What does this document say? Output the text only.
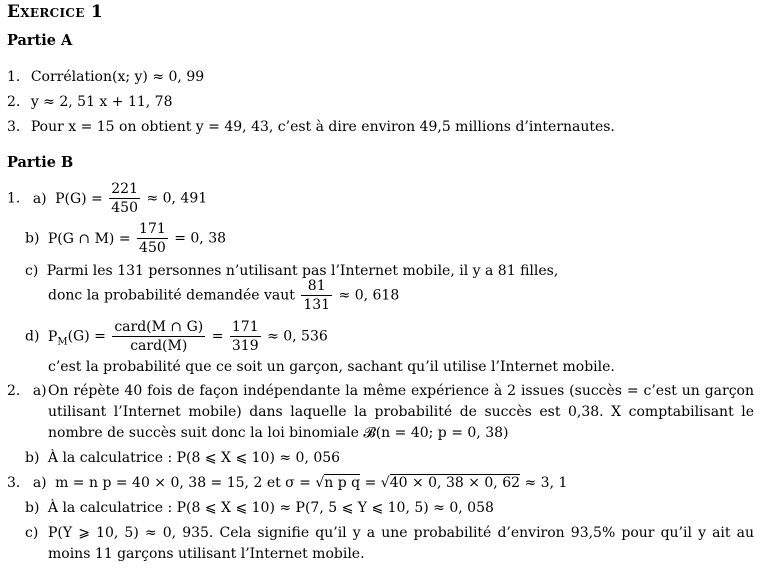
Exercice 1
Partie A
1. Corrélation(x; y) ≈ 0, 99
2. y ≈ 2, 51 x + 11, 78
3. Pour x = 15 on obtient y = 49, 43, c’est à dire environ 49,5 millions d’internautes.
Partie B
1. a) $P(G) = \frac{221}{450} \approx 0$, 491
b) P(G ∩ $M) = \frac{171}{450} = 0$, 38
c) Parmi les 131 personnes n’utilisant pas l’Internet mobile, il y a 81 filles,
donc la probabilité demandée vaut $\frac{81}{131} \approx 0$, 618
d) $P_M(G) = \frac{\text{card(M ∩ G)}}{\text{card(M)}} = \frac{171}{319} \approx 0$, 536
c’est la probabilité que ce soit un garçon, sachant qu’il utilise l’Internet mobile.
2. a) On répète 40 fois de façon indépendante la même expérience à 2 issues (succès = c’est un garçon utilisant l’Internet mobile) dans laquelle la probabilité de succès est 0,38. X comptabilisant le nombre de succès suit donc la loi binomiale 𝓑(n = 40; p = 0, 38)
b) À la calculatrice : P(8 ⩽ X ⩽ 10) ≈ 0, 056
3. a) m = n p = 40 × 0, 38 = 15, 2 et σ = √n p q = √40 × 0, 38 × 0, 62 ≈ 3, 1
b) À la calculatrice : P(8 ⩽ X ⩽ 10) ≈ P(7, 5 ⩽ Y ⩽ 10, 5) ≈ 0, 058
c) P(Y ⩾ 10, 5) ≈ 0, 935. Cela signifie qu’il y a une probabilité d’environ 93,5% pour qu’il y ait au moins 11 garçons utilisant l’Internet mobile.
